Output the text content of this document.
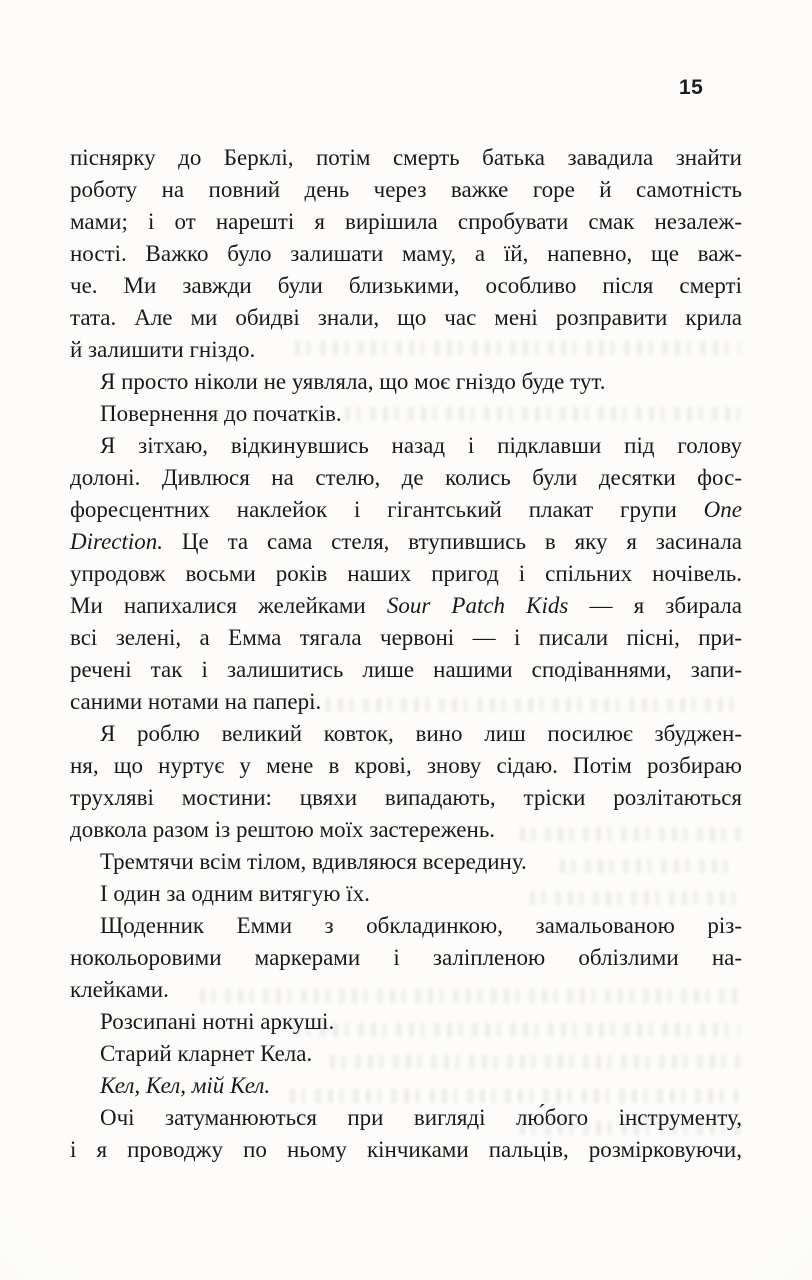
15
піснярку до Берклі, потім смерть батька завадила знайти
роботу на повний день через важке горе й самотність
мами; і от нарешті я вирішила спробувати смак незалеж-
ності. Важко було залишати маму, а їй, напевно, ще важ-
че. Ми завжди були близькими, особливо після смерті
тата. Але ми обидві знали, що час мені розправити крила
й залишити гніздо.
Я просто ніколи не уявляла, що моє гніздо буде тут.
Повернення до початків.
Я зітхаю, відкинувшись назад і підклавши під голову
долоні. Дивлюся на стелю, де колись були десятки фос-
форесцентних наклейок і гігантський плакат групи One
Direction. Це та сама стеля, втупившись в яку я засинала
упродовж восьми років наших пригод і спільних ночівель.
Ми напихалися желейками Sour Patch Kids — я збирала
всі зелені, а Емма тягала червоні — і писали пісні, при-
речені так і залишитись лише нашими сподіваннями, запи-
саними нотами на папері.
Я роблю великий ковток, вино лиш посилює збуджен-
ня, що нуртує у мене в крові, знову сідаю. Потім розбираю
трухляві мостини: цвяхи випадають, тріски розлітаються
довкола разом із рештою моїх застережень.
Тремтячи всім тілом, вдивляюся всередину.
І один за одним витягую їх.
Щоденник Емми з обкладинкою, замальованою різ-
нокольоровими маркерами і заліпленою облізлими на-
клейками.
Розсипані нотні аркуші.
Старий кларнет Кела.
Кел, Кел, мій Кел.
Очі затуманюються при вигляді лю́бого інструменту,
і я проводжу по ньому кінчиками пальців, розмірковуючи,
